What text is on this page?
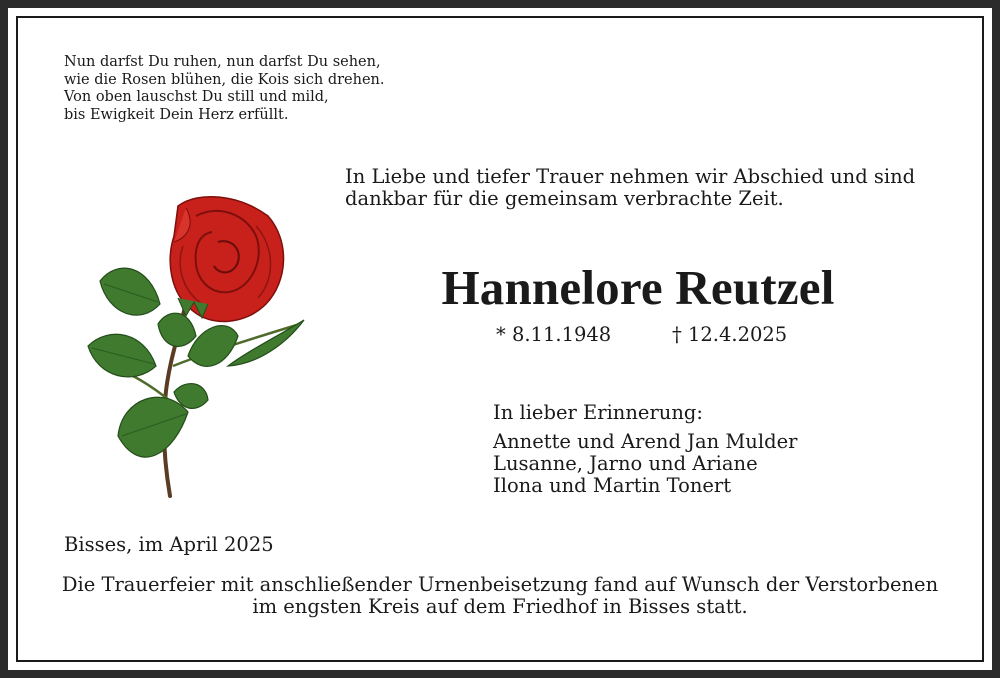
Nun darfst Du ruhen, nun darfst Du sehen,
wie die Rosen blühen, die Kois sich drehen.
Von oben lauschst Du still und mild,
bis Ewigkeit Dein Herz erfüllt.
In Liebe und tiefer Trauer nehmen wir Abschied und sind dankbar für die gemeinsam verbrachte Zeit.
Hannelore Reutzel
* 8.11.1948	† 12.4.2025
In lieber Erinnerung:
Annette und Arend Jan Mulder
Lusanne, Jarno und Ariane
Ilona und Martin Tonert
Bisses, im April 2025
Die Trauerfeier mit anschließender Urnenbeisetzung fand auf Wunsch der Verstorbenen im engsten Kreis auf dem Friedhof in Bisses statt.
